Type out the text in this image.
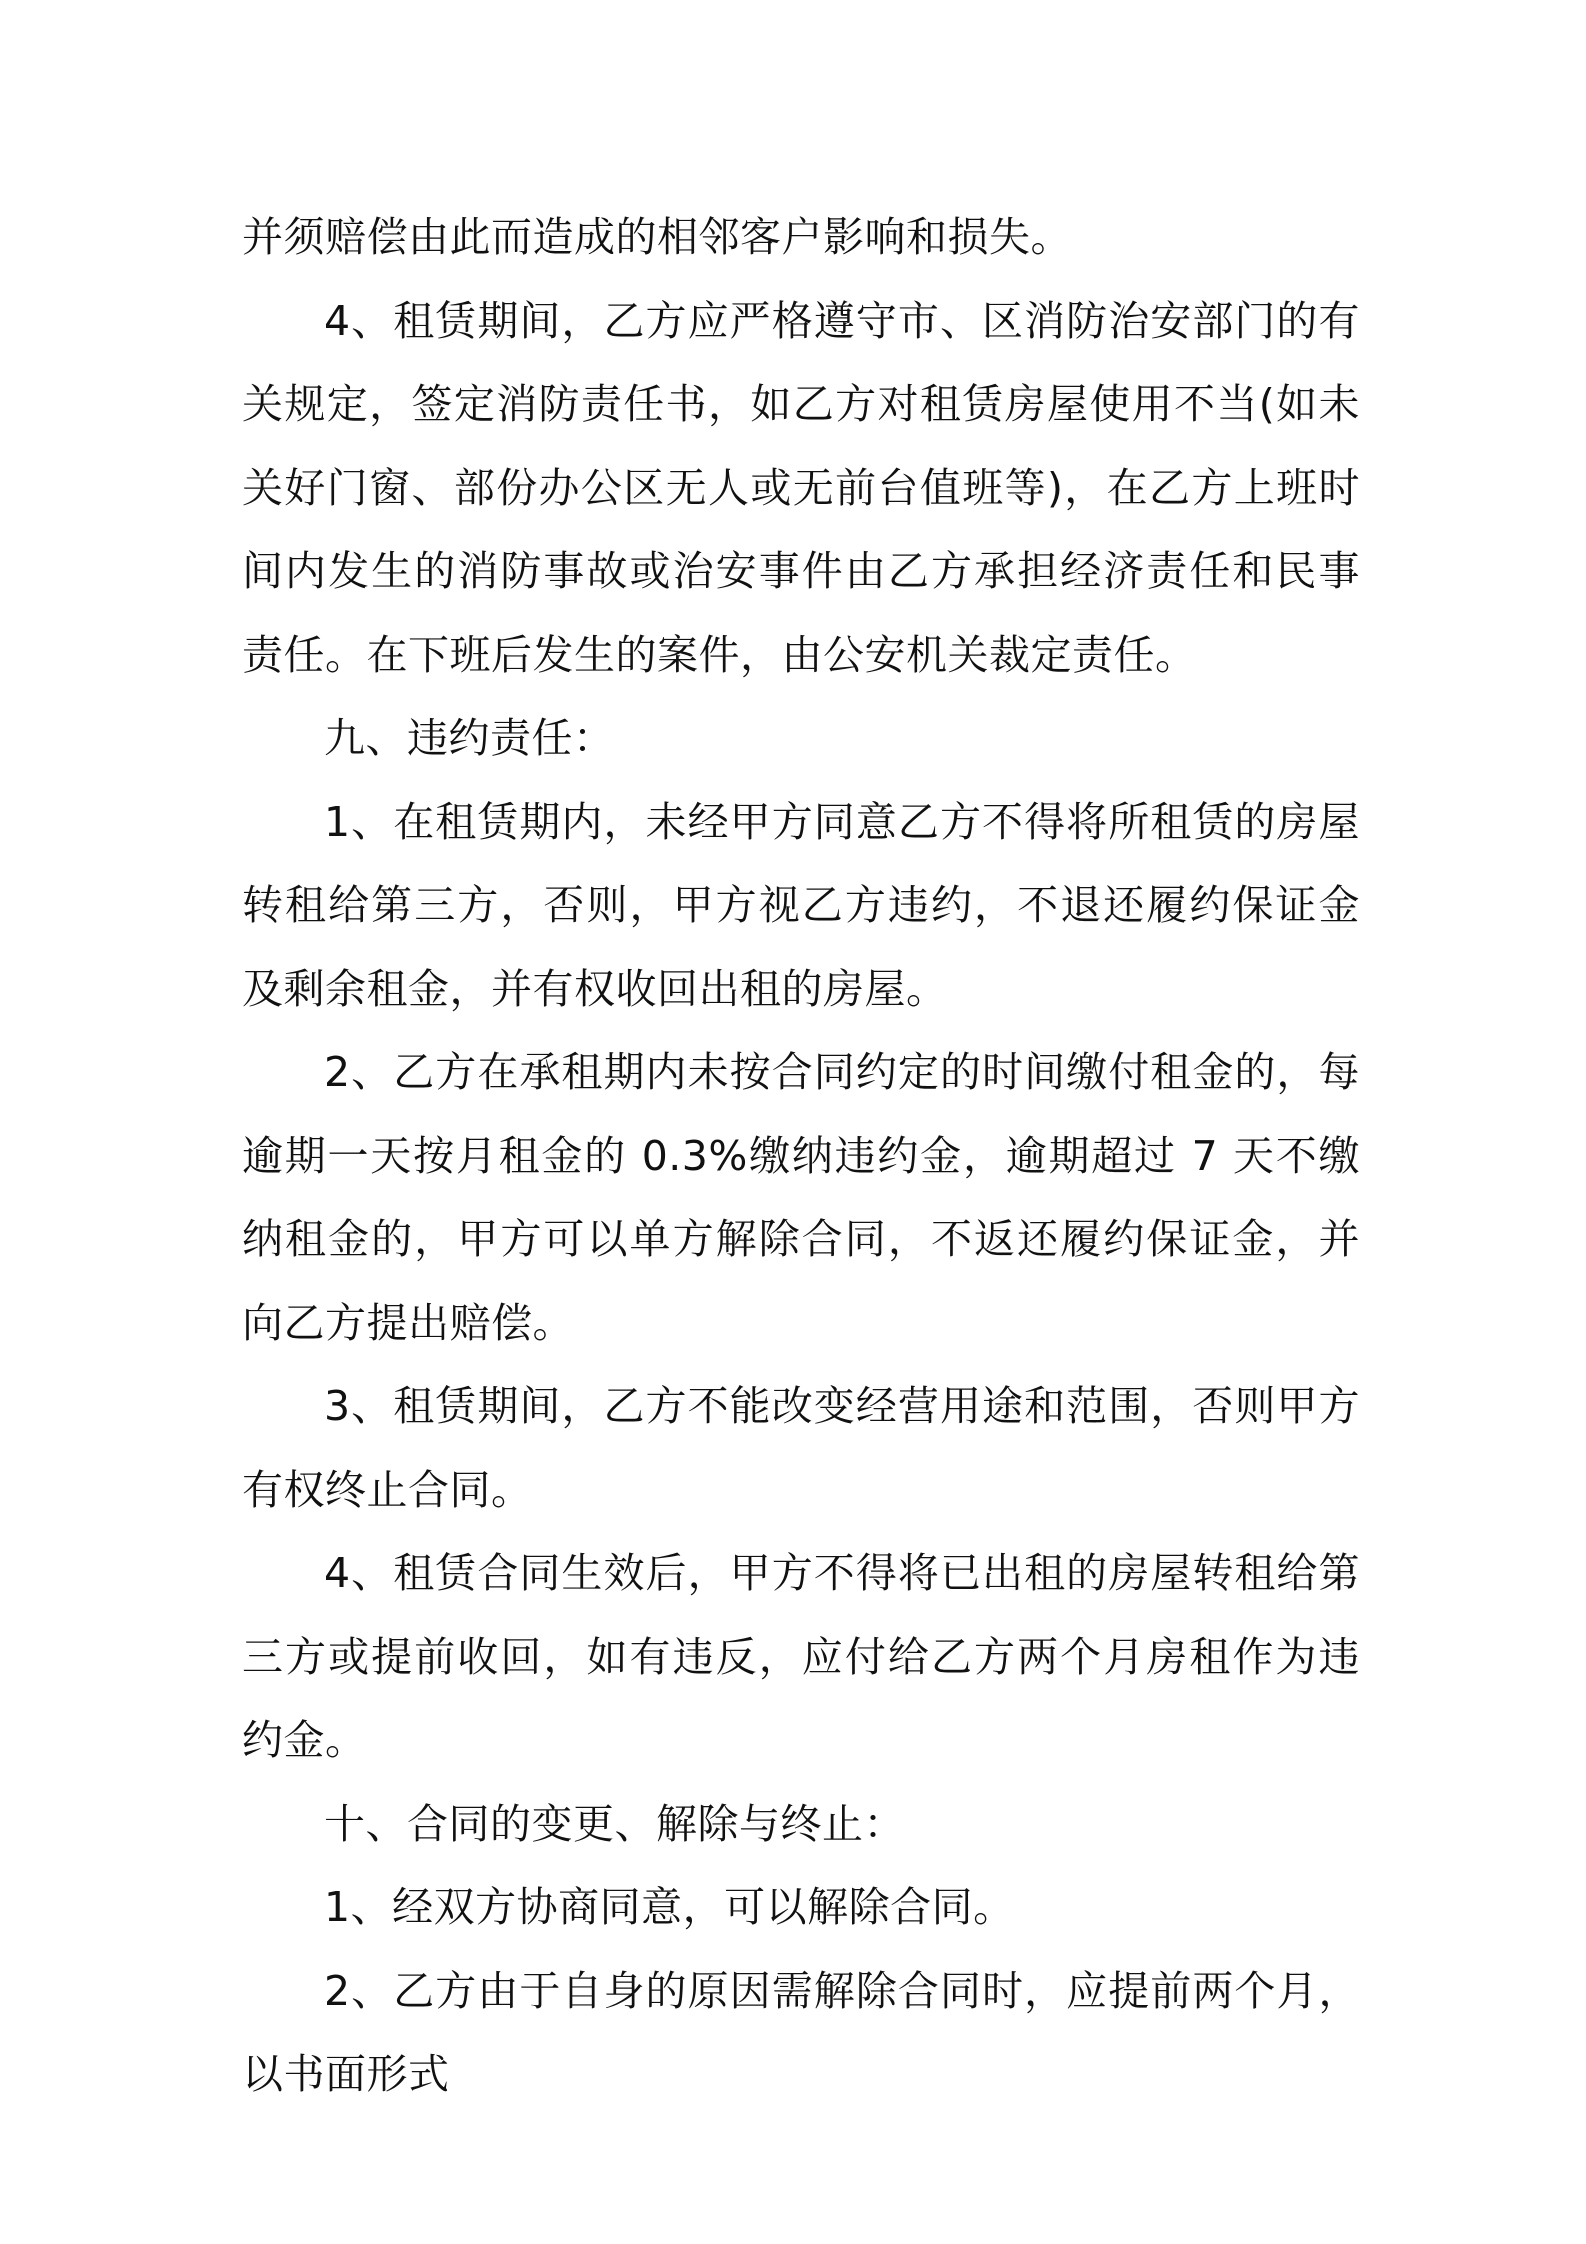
并须赔偿由此而造成的相邻客户影响和损失。

4、租赁期间，乙方应严格遵守市、区消防治安部门的有关规定，签定消防责任书，如乙方对租赁房屋使用不当(如未关好门窗、部份办公区无人或无前台值班等)，在乙方上班时间内发生的消防事故或治安事件由乙方承担经济责任和民事责任。在下班后发生的案件，由公安机关裁定责任。

九、违约责任：

1、在租赁期内，未经甲方同意乙方不得将所租赁的房屋转租给第三方，否则，甲方视乙方违约，不退还履约保证金及剩余租金，并有权收回出租的房屋。

2、乙方在承租期内未按合同约定的时间缴付租金的，每逾期一天按月租金的 0.3%缴纳违约金，逾期超过 7 天不缴纳租金的，甲方可以单方解除合同，不返还履约保证金，并向乙方提出赔偿。

3、租赁期间，乙方不能改变经营用途和范围，否则甲方有权终止合同。

4、租赁合同生效后，甲方不得将已出租的房屋转租给第三方或提前收回，如有违反，应付给乙方两个月房租作为违约金。

十、合同的变更、解除与终止：

1、经双方协商同意，可以解除合同。

2、乙方由于自身的原因需解除合同时，应提前两个月，以书面形式
